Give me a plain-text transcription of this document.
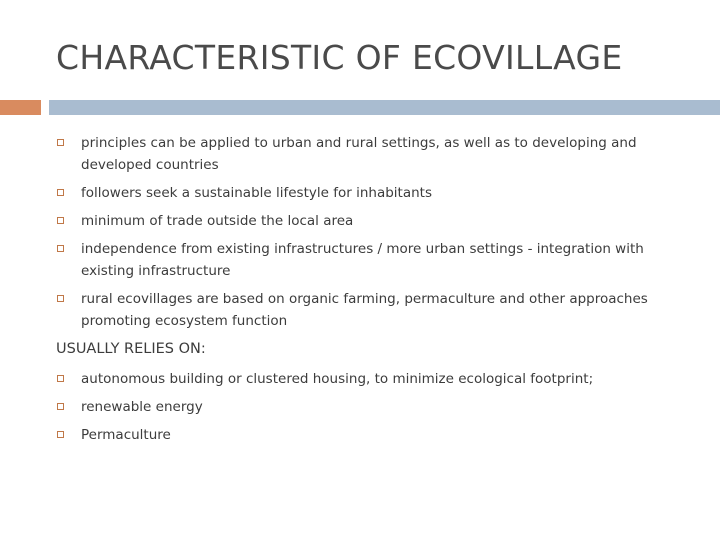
CHARACTERISTIC OF ECOVILLAGE
principles can be applied to urban and rural settings, as well as to developing and developed countries
followers seek a sustainable lifestyle for inhabitants
minimum of trade outside the local area
independence from existing infrastructures / more urban settings - integration with existing infrastructure
rural ecovillages are based on organic farming, permaculture and other approaches promoting ecosystem function
USUALLY RELIES ON:
autonomous building or clustered housing, to minimize ecological footprint;
renewable energy
Permaculture
